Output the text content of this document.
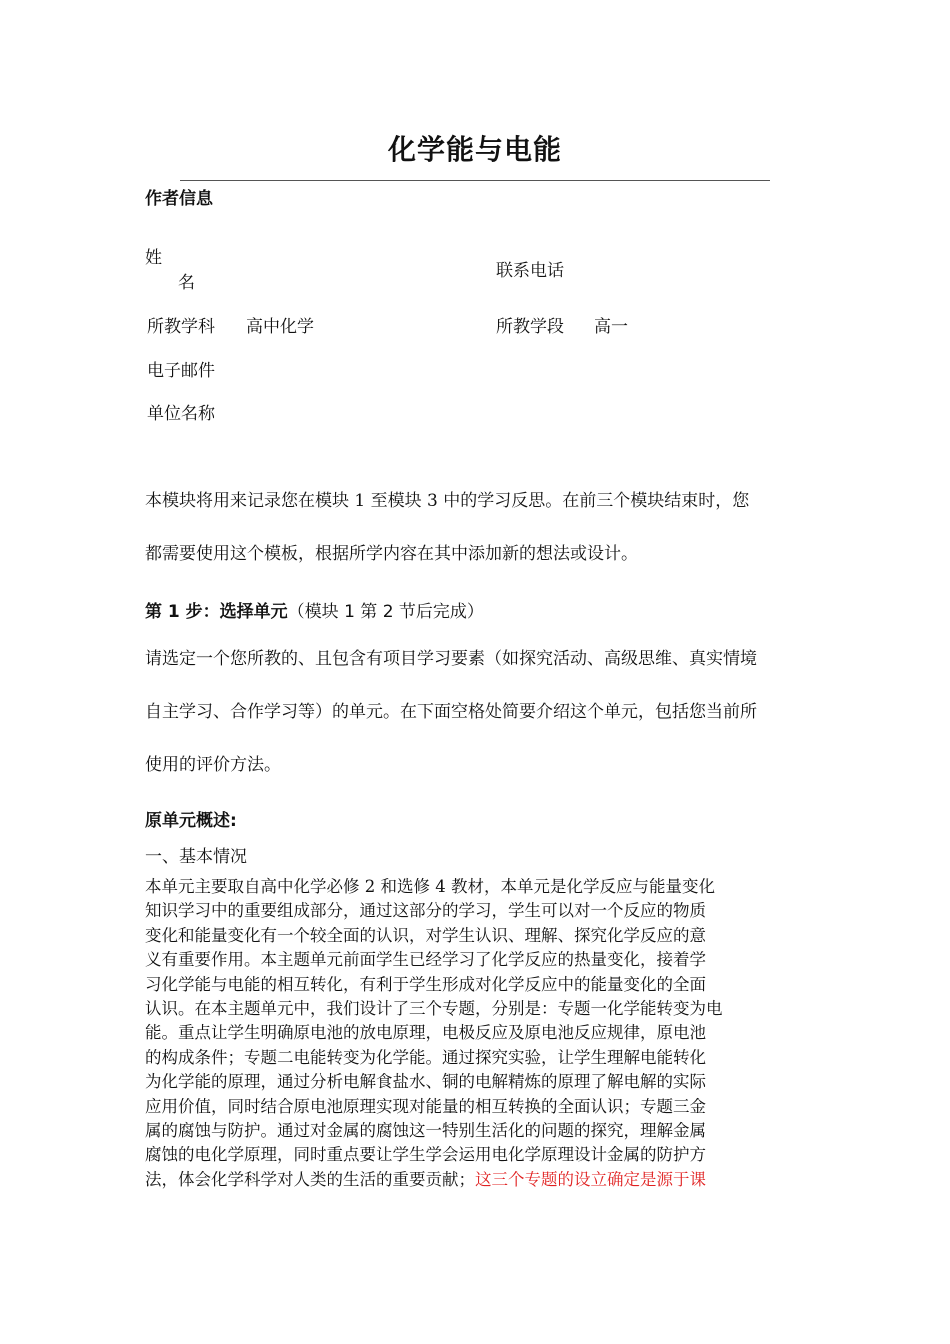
化学能与电能
作者信息
姓
名
联系电话
所教学科 高中化学	所教学段 高一
电子邮件
单位名称
本模块将用来记录您在模块 1 至模块 3 中的学习反思。在前三个模块结束时，您
都需要使用这个模板，根据所学内容在其中添加新的想法或设计。
第 1 步：选择单元（模块 1 第 2 节后完成）
请选定一个您所教的、且包含有项目学习要素（如探究活动、高级思维、真实情境
自主学习、合作学习等）的单元。在下面空格处简要介绍这个单元，包括您当前所
使用的评价方法。
原单元概述:
一、基本情况
本单元主要取自高中化学必修 2 和选修 4 教材，本单元是化学反应与能量变化
知识学习中的重要组成部分，通过这部分的学习，学生可以对一个反应的物质
变化和能量变化有一个较全面的认识，对学生认识、理解、探究化学反应的意
义有重要作用。本主题单元前面学生已经学习了化学反应的热量变化，接着学
习化学能与电能的相互转化，有利于学生形成对化学反应中的能量变化的全面
认识。在本主题单元中，我们设计了三个专题，分别是：专题一化学能转变为电
能。重点让学生明确原电池的放电原理，电极反应及原电池反应规律，原电池
的构成条件；专题二电能转变为化学能。通过探究实验，让学生理解电能转化
为化学能的原理，通过分析电解食盐水、铜的电解精炼的原理了解电解的实际
应用价值，同时结合原电池原理实现对能量的相互转换的全面认识；专题三金
属的腐蚀与防护。通过对金属的腐蚀这一特别生活化的问题的探究，理解金属
腐蚀的电化学原理，同时重点要让学生学会运用电化学原理设计金属的防护方
法，体会化学科学对人类的生活的重要贡献；这三个专题的设立确定是源于课
